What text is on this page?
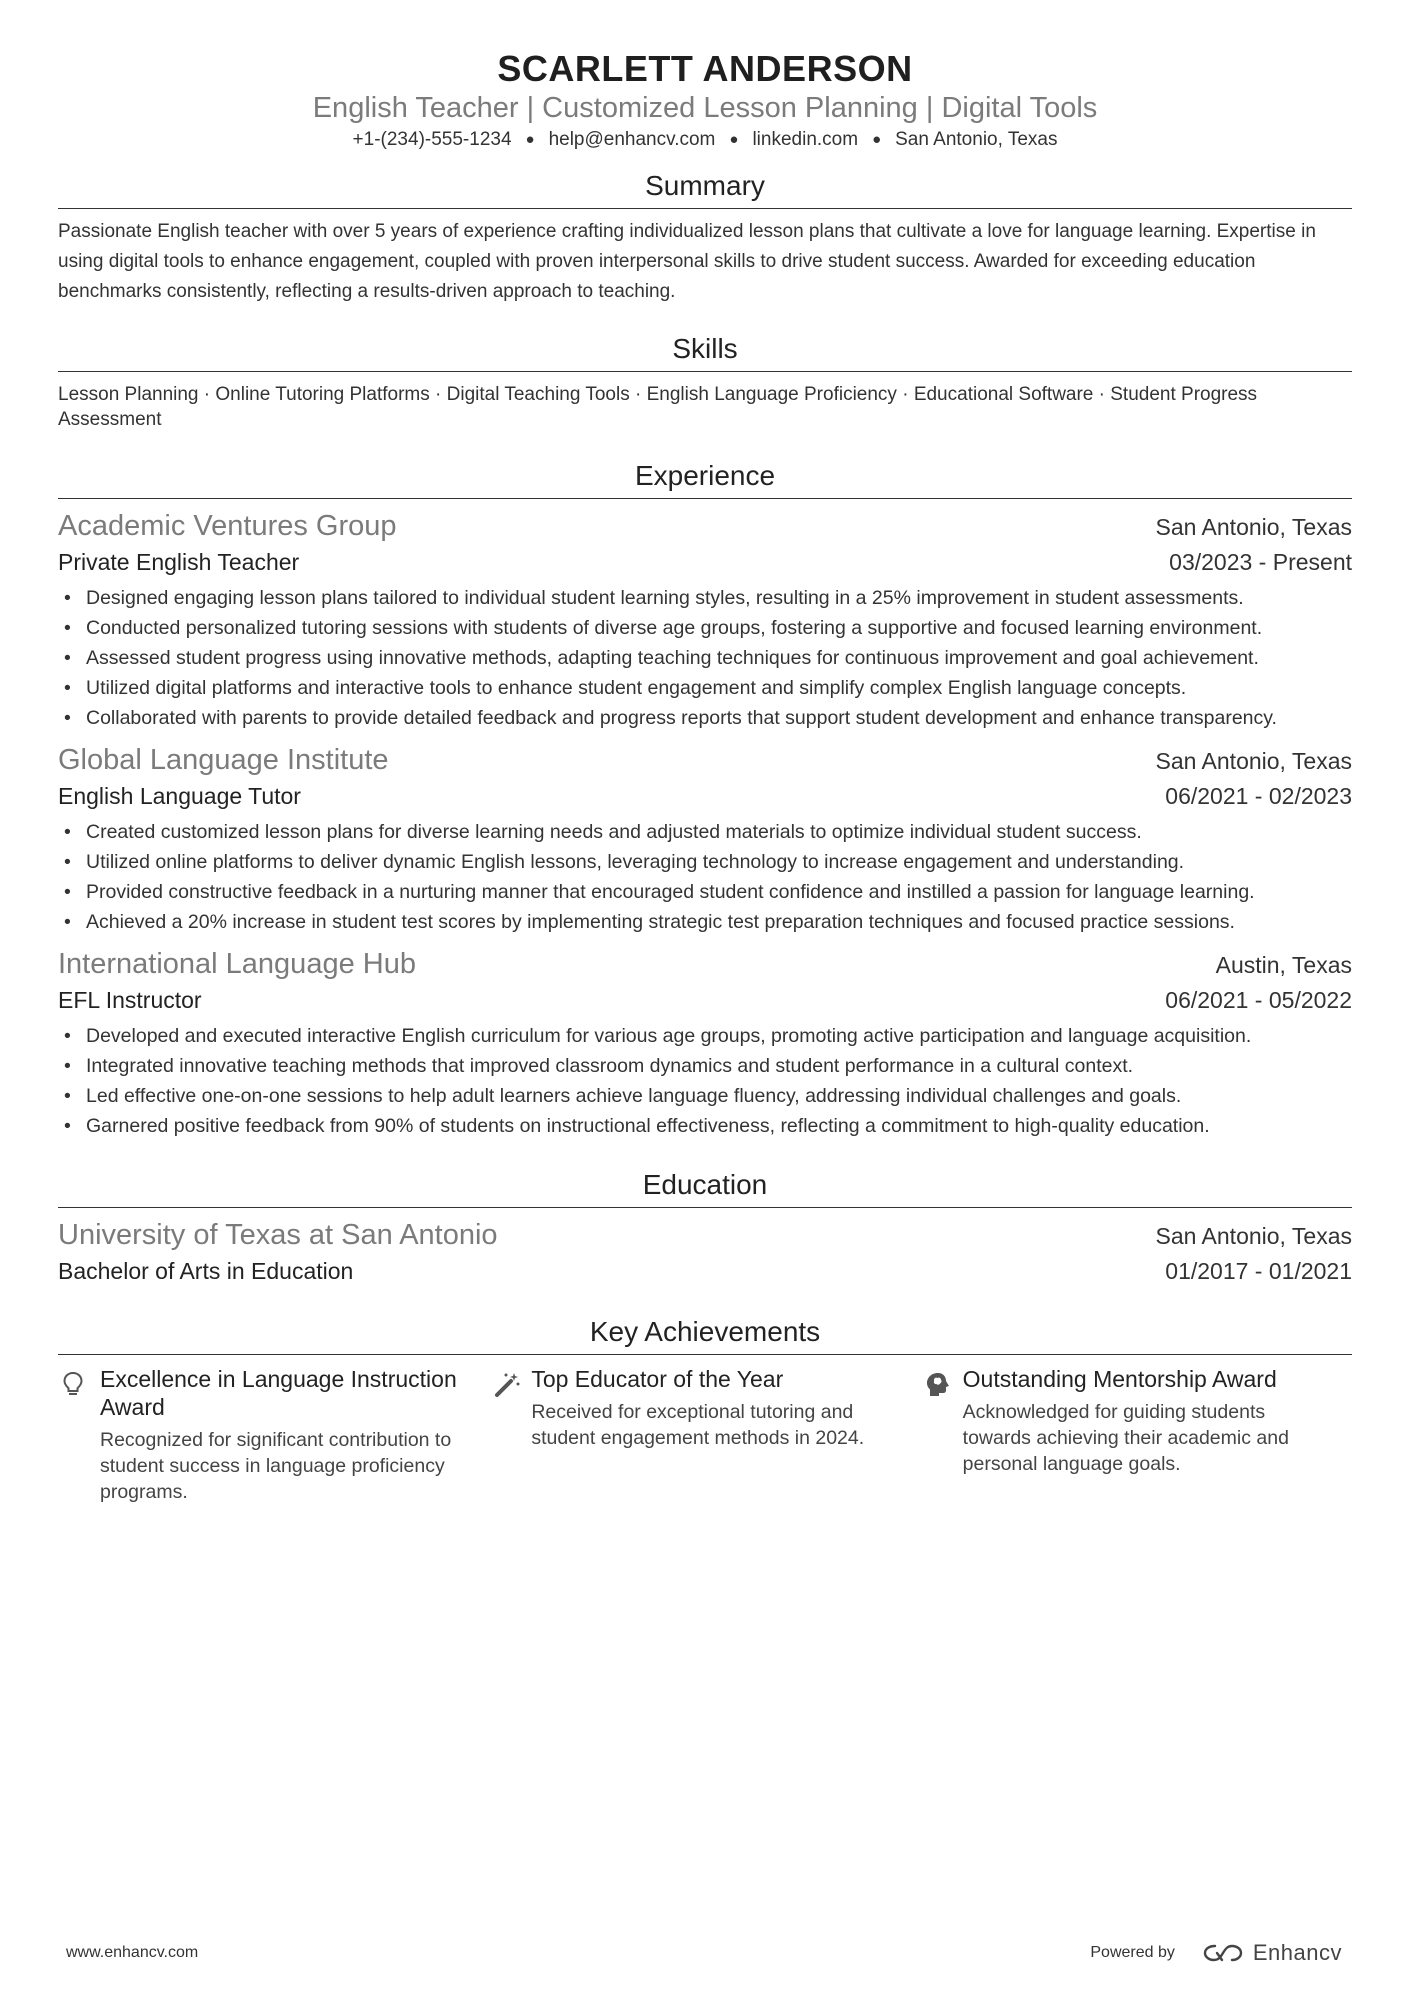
SCARLETT ANDERSON
English Teacher | Customized Lesson Planning | Digital Tools
+1-(234)-555-1234 ● help@enhancv.com ● linkedin.com ● San Antonio, Texas
Summary
Passionate English teacher with over 5 years of experience crafting individualized lesson plans that cultivate a love for language learning. Expertise in using digital tools to enhance engagement, coupled with proven interpersonal skills to drive student success. Awarded for exceeding education benchmarks consistently, reflecting a results-driven approach to teaching.
Skills
Lesson Planning · Online Tutoring Platforms · Digital Teaching Tools · English Language Proficiency · Educational Software · Student Progress Assessment
Experience
Academic Ventures Group	San Antonio, Texas
Private English Teacher	03/2023 - Present
• Designed engaging lesson plans tailored to individual student learning styles, resulting in a 25% improvement in student assessments.
• Conducted personalized tutoring sessions with students of diverse age groups, fostering a supportive and focused learning environment.
• Assessed student progress using innovative methods, adapting teaching techniques for continuous improvement and goal achievement.
• Utilized digital platforms and interactive tools to enhance student engagement and simplify complex English language concepts.
• Collaborated with parents to provide detailed feedback and progress reports that support student development and enhance transparency.
Global Language Institute	San Antonio, Texas
English Language Tutor	06/2021 - 02/2023
• Created customized lesson plans for diverse learning needs and adjusted materials to optimize individual student success.
• Utilized online platforms to deliver dynamic English lessons, leveraging technology to increase engagement and understanding.
• Provided constructive feedback in a nurturing manner that encouraged student confidence and instilled a passion for language learning.
• Achieved a 20% increase in student test scores by implementing strategic test preparation techniques and focused practice sessions.
International Language Hub	Austin, Texas
EFL Instructor	06/2021 - 05/2022
• Developed and executed interactive English curriculum for various age groups, promoting active participation and language acquisition.
• Integrated innovative teaching methods that improved classroom dynamics and student performance in a cultural context.
• Led effective one-on-one sessions to help adult learners achieve language fluency, addressing individual challenges and goals.
• Garnered positive feedback from 90% of students on instructional effectiveness, reflecting a commitment to high-quality education.
Education
University of Texas at San Antonio	San Antonio, Texas
Bachelor of Arts in Education	01/2017 - 01/2021
Key Achievements
Excellence in Language Instruction Award
Recognized for significant contribution to student success in language proficiency programs.
Top Educator of the Year
Received for exceptional tutoring and student engagement methods in 2024.
Outstanding Mentorship Award
Acknowledged for guiding students towards achieving their academic and personal language goals.
www.enhancv.com	Powered by	Enhancv
